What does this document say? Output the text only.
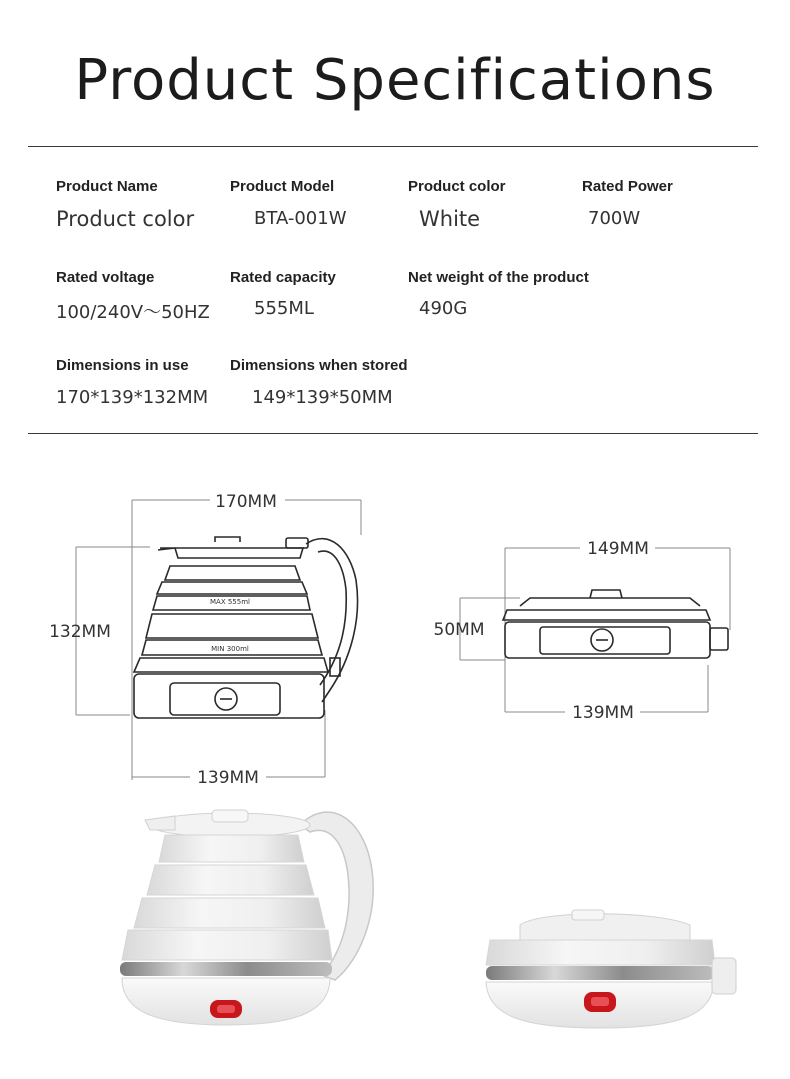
Product Specifications
Product Name
Product color
Product Model
BTA-001W
Product color
White
Rated Power
700W
Rated voltage
100/240V～50HZ
Rated capacity
555ML
Net weight of the product
490G
Dimensions in use
170*139*132MM
Dimensions when stored
149*139*50MM
170MM
132MM
139MM
MAX 555ml
MIN 300ml
149MM
50MM
139MM
